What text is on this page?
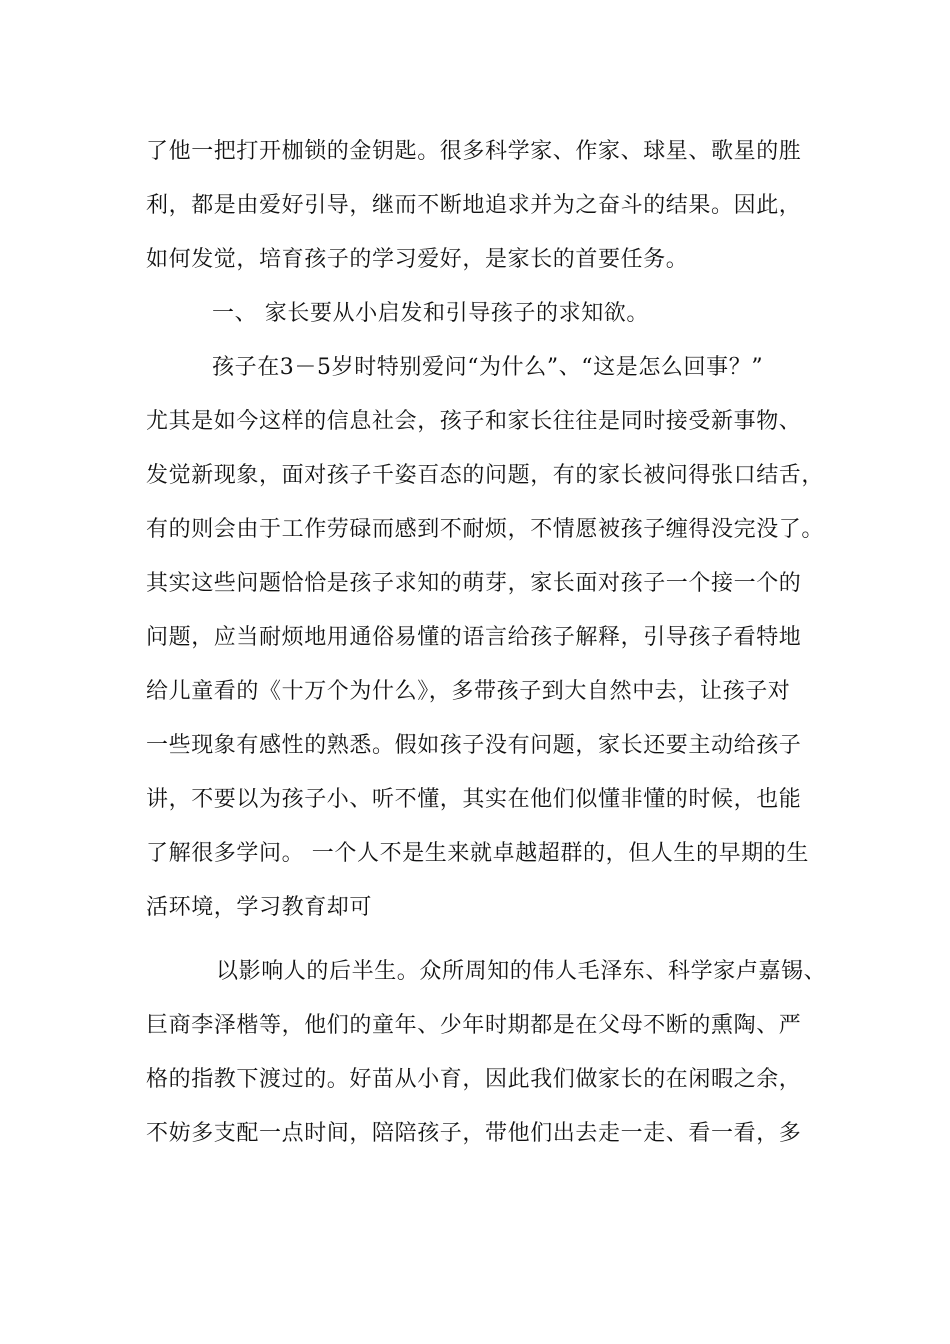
了他一把打开枷锁的金钥匙。很多科学家、作家、球星、歌星的胜
利，都是由爱好引导，继而不断地追求并为之奋斗的结果。因此，
如何发觉，培育孩子的学习爱好，是家长的首要任务。
一、 家长要从小启发和引导孩子的求知欲。
孩子在3－5岁时特别爱问“为什么”、“这是怎么回事？”
尤其是如今这样的信息社会，孩子和家长往往是同时接受新事物、
发觉新现象，面对孩子千姿百态的问题，有的家长被问得张口结舌，
有的则会由于工作劳碌而感到不耐烦，不情愿被孩子缠得没完没了。
其实这些问题恰恰是孩子求知的萌芽，家长面对孩子一个接一个的
问题，应当耐烦地用通俗易懂的语言给孩子解释，引导孩子看特地
给儿童看的《十万个为什么》，多带孩子到大自然中去，让孩子对
一些现象有感性的熟悉。假如孩子没有问题，家长还要主动给孩子
讲，不要以为孩子小、听不懂，其实在他们似懂非懂的时候，也能
了解很多学问。 一个人不是生来就卓越超群的，但人生的早期的生
活环境，学习教育却可
以影响人的后半生。众所周知的伟人毛泽东、科学家卢嘉锡、
巨商李泽楷等，他们的童年、少年时期都是在父母不断的熏陶、严
格的指教下渡过的。好苗从小育，因此我们做家长的在闲暇之余，
不妨多支配一点时间，陪陪孩子，带他们出去走一走、看一看，多
